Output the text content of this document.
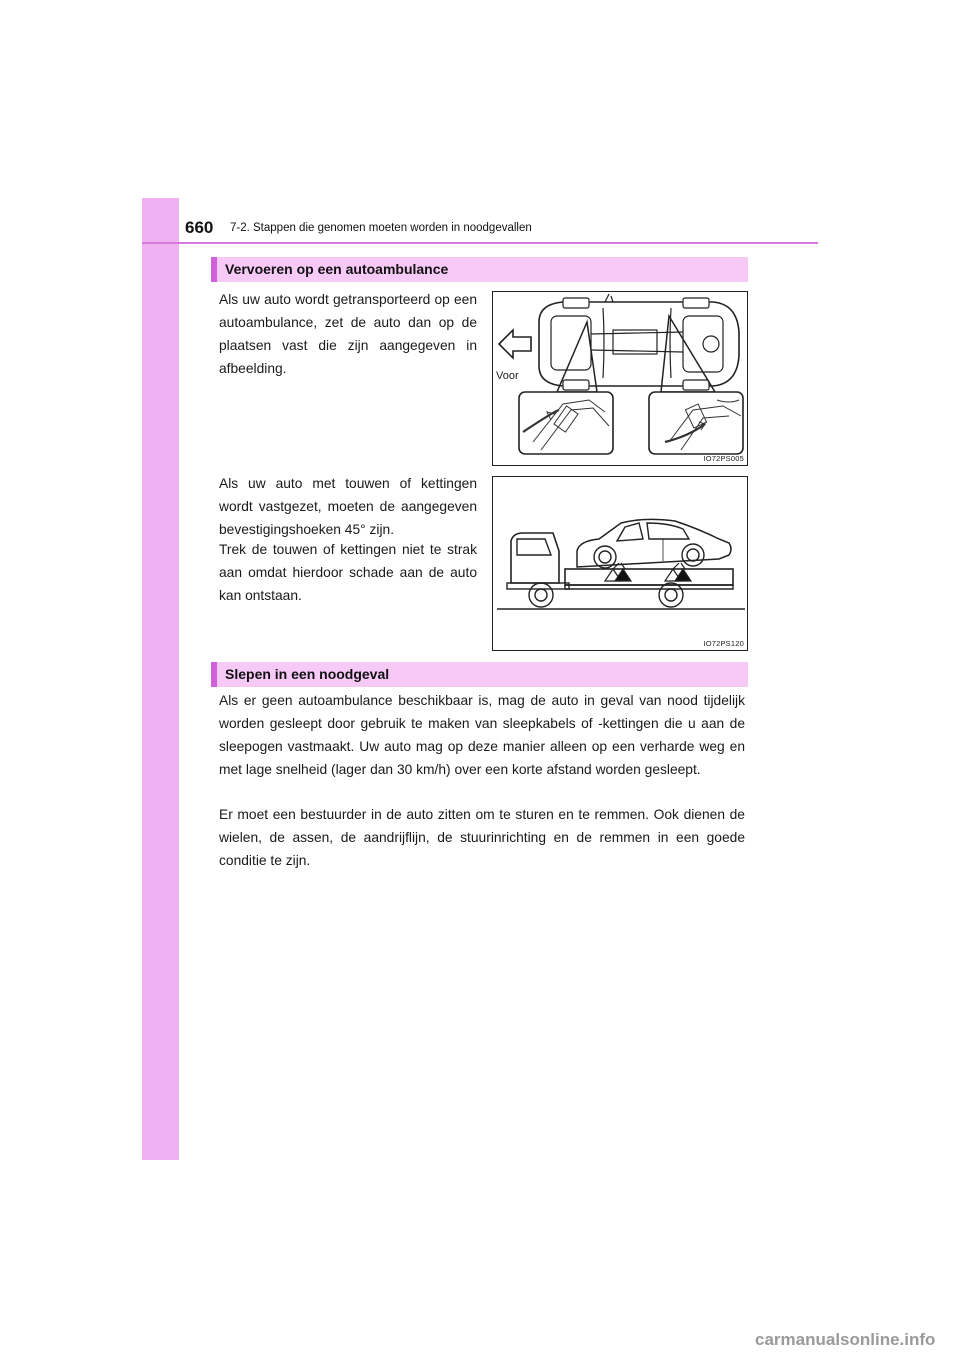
660 7-2. Stappen die genomen moeten worden in noodgevallen
Vervoeren op een autoambulance

Als uw auto wordt getransporteerd op een autoambulance, zet de auto dan op de plaatsen vast die zijn aangegeven in afbeelding.

Als uw auto met touwen of kettingen wordt vastgezet, moeten de aangegeven bevestigingshoeken 45° zijn.

Trek de touwen of kettingen niet te strak aan omdat hierdoor schade aan de auto kan ontstaan.

Voor
IO72PS005
IO72PS120
Slepen in een noodgeval

Als er geen autoambulance beschikbaar is, mag de auto in geval van nood tijdelijk worden gesleept door gebruik te maken van sleepkabels of -kettingen die u aan de sleepogen vastmaakt. Uw auto mag op deze manier alleen op een verharde weg en met lage snelheid (lager dan 30 km/h) over een korte afstand worden gesleept.

Er moet een bestuurder in de auto zitten om te sturen en te remmen. Ook dienen de wielen, de assen, de aandrijflijn, de stuurinrichting en de remmen in een goede conditie te zijn.

carmanualsonline.info
